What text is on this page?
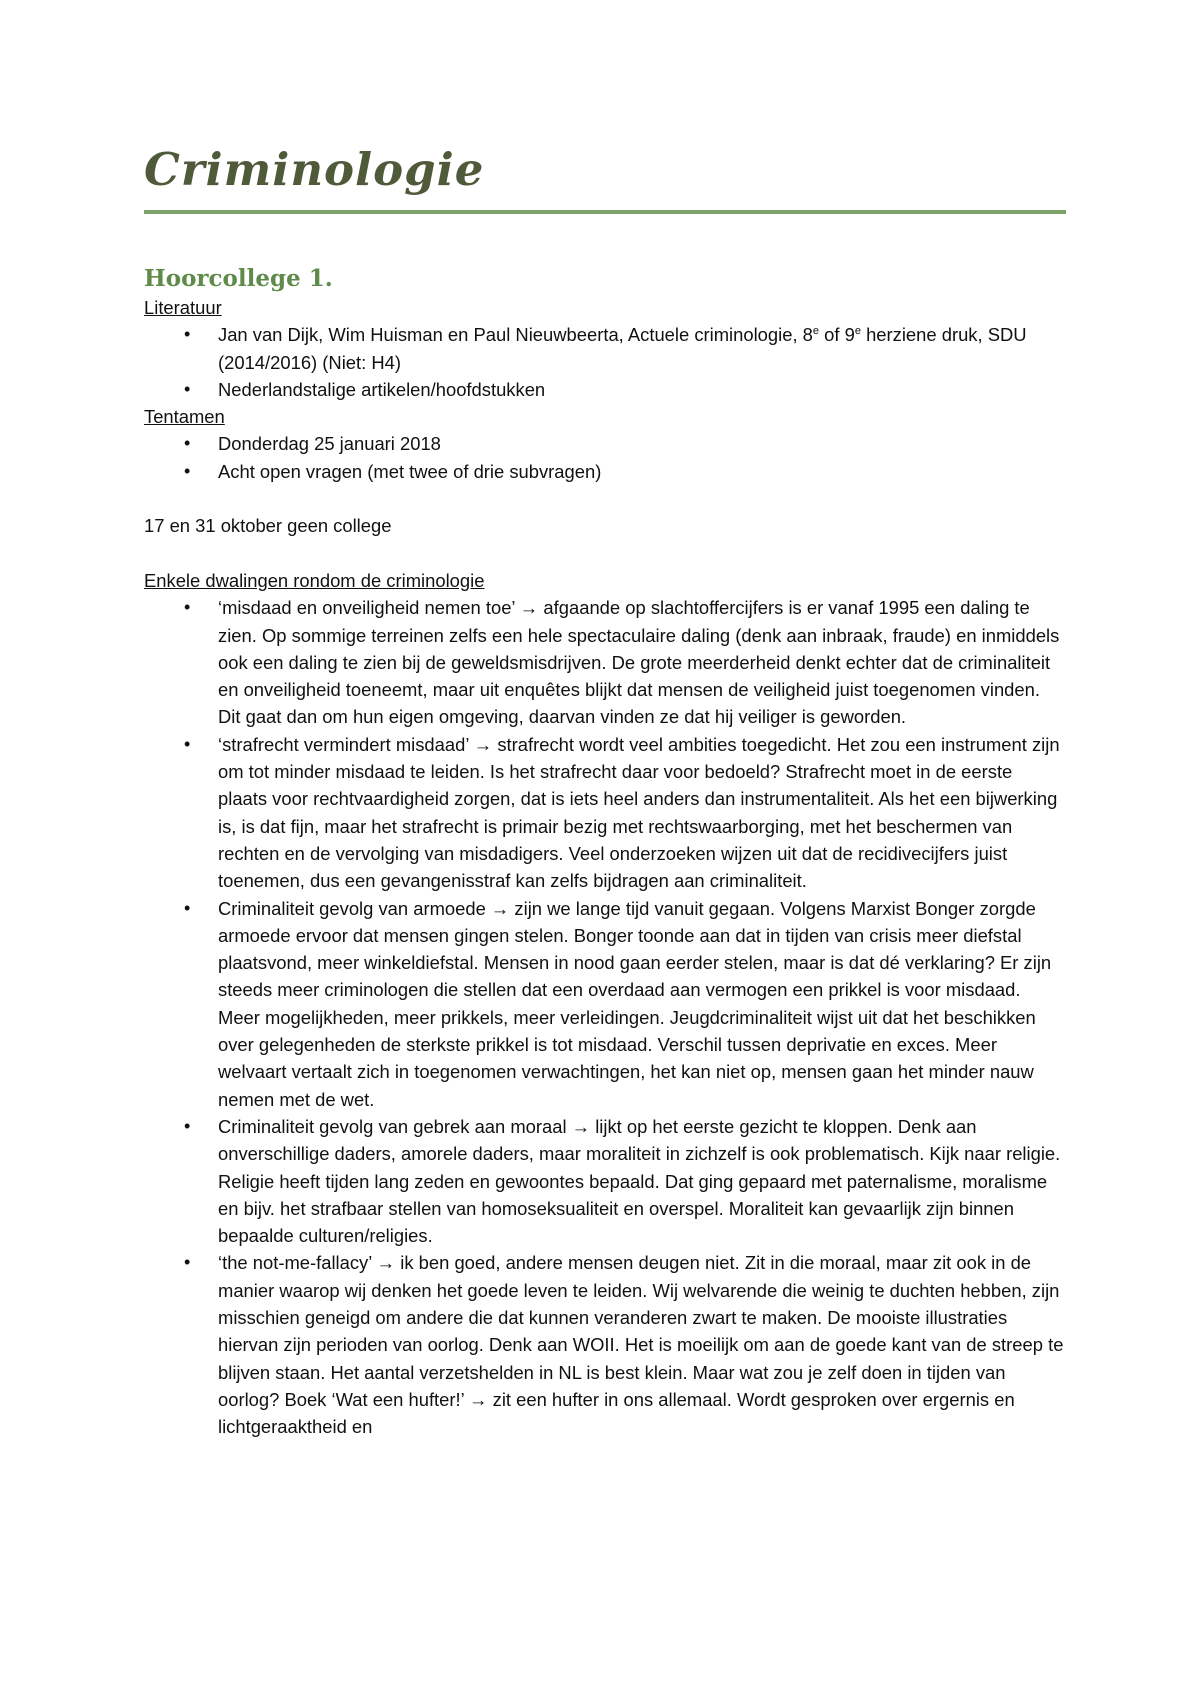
Criminologie
Hoorcollege 1.
Literatuur
• Jan van Dijk, Wim Huisman en Paul Nieuwbeerta, Actuele criminologie, 8e of 9e herziene druk, SDU (2014/2016) (Niet: H4)
• Nederlandstalige artikelen/hoofdstukken
Tentamen
• Donderdag 25 januari 2018
• Acht open vragen (met twee of drie subvragen)
17 en 31 oktober geen college
Enkele dwalingen rondom de criminologie
• ‘misdaad en onveiligheid nemen toe’ → afgaande op slachtoffercijfers is er vanaf 1995 een daling te zien. Op sommige terreinen zelfs een hele spectaculaire daling (denk aan inbraak, fraude) en inmiddels ook een daling te zien bij de geweldsmisdrijven. De grote meerderheid denkt echter dat de criminaliteit en onveiligheid toeneemt, maar uit enquêtes blijkt dat mensen de veiligheid juist toegenomen vinden. Dit gaat dan om hun eigen omgeving, daarvan vinden ze dat hij veiliger is geworden.
• ‘strafrecht vermindert misdaad’ → strafrecht wordt veel ambities toegedicht. Het zou een instrument zijn om tot minder misdaad te leiden. Is het strafrecht daar voor bedoeld? Strafrecht moet in de eerste plaats voor rechtvaardigheid zorgen, dat is iets heel anders dan instrumentaliteit. Als het een bijwerking is, is dat fijn, maar het strafrecht is primair bezig met rechtswaarborging, met het beschermen van rechten en de vervolging van misdadigers. Veel onderzoeken wijzen uit dat de recidivecijfers juist toenemen, dus een gevangenisstraf kan zelfs bijdragen aan criminaliteit.
• Criminaliteit gevolg van armoede → zijn we lange tijd vanuit gegaan. Volgens Marxist Bonger zorgde armoede ervoor dat mensen gingen stelen. Bonger toonde aan dat in tijden van crisis meer diefstal plaatsvond, meer winkeldiefstal. Mensen in nood gaan eerder stelen, maar is dat dé verklaring? Er zijn steeds meer criminologen die stellen dat een overdaad aan vermogen een prikkel is voor misdaad. Meer mogelijkheden, meer prikkels, meer verleidingen. Jeugdcriminaliteit wijst uit dat het beschikken over gelegenheden de sterkste prikkel is tot misdaad. Verschil tussen deprivatie en exces. Meer welvaart vertaalt zich in toegenomen verwachtingen, het kan niet op, mensen gaan het minder nauw nemen met de wet.
• Criminaliteit gevolg van gebrek aan moraal → lijkt op het eerste gezicht te kloppen. Denk aan onverschillige daders, amorele daders, maar moraliteit in zichzelf is ook problematisch. Kijk naar religie. Religie heeft tijden lang zeden en gewoontes bepaald. Dat ging gepaard met paternalisme, moralisme en bijv. het strafbaar stellen van homoseksualiteit en overspel. Moraliteit kan gevaarlijk zijn binnen bepaalde culturen/religies.
• ‘the not-me-fallacy’ → ik ben goed, andere mensen deugen niet. Zit in die moraal, maar zit ook in de manier waarop wij denken het goede leven te leiden. Wij welvarende die weinig te duchten hebben, zijn misschien geneigd om andere die dat kunnen veranderen zwart te maken. De mooiste illustraties hiervan zijn perioden van oorlog. Denk aan WOII. Het is moeilijk om aan de goede kant van de streep te blijven staan. Het aantal verzetshelden in NL is best klein. Maar wat zou je zelf doen in tijden van oorlog? Boek ‘Wat een hufter!’ → zit een hufter in ons allemaal. Wordt gesproken over ergernis en lichtgeraaktheid en
